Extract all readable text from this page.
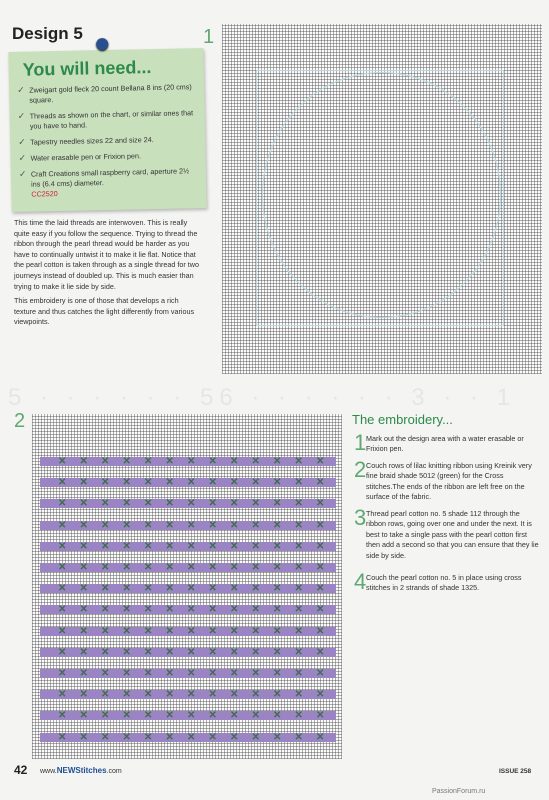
Design 5
You will need...
✓ Zweigart gold fleck 20 count Bellana 8 ins (20 cms) square.
✓ Threads as shown on the chart, or similar ones that you have to hand.
✓ Tapestry needles sizes 22 and size 24.
✓ Water erasable pen or Frixion pen.
✓ Craft Creations small raspberry card, aperture 2½ ins (6.4 cms) diameter.
CC2520

This time the laid threads are interwoven. This is really quite easy if you follow the sequence. Trying to thread the ribbon through the pearl thread would be harder as you have to continually untwist it to make it lie flat. Notice that the pearl cotton is taken through as a single thread for two journeys instead of doubled up. This is much easier than trying to make it lie side by side.

This embroidery is one of those that develops a rich texture and thus catches the light differently from various viewpoints.

1
5 · · · · · · 56 · · · · · · 3 · · 1
2
✕ ✕ ✕ ✕ ✕ ✕ ✕ ✕ ✕ ✕ ✕ ✕ ✕
✕ ✕ ✕ ✕ ✕ ✕ ✕ ✕ ✕ ✕ ✕ ✕ ✕
✕ ✕ ✕ ✕ ✕ ✕ ✕ ✕ ✕ ✕ ✕ ✕ ✕
✕ ✕ ✕ ✕ ✕ ✕ ✕ ✕ ✕ ✕ ✕ ✕ ✕
✕ ✕ ✕ ✕ ✕ ✕ ✕ ✕ ✕ ✕ ✕ ✕ ✕
✕ ✕ ✕ ✕ ✕ ✕ ✕ ✕ ✕ ✕ ✕ ✕ ✕
✕ ✕ ✕ ✕ ✕ ✕ ✕ ✕ ✕ ✕ ✕ ✕ ✕
✕ ✕ ✕ ✕ ✕ ✕ ✕ ✕ ✕ ✕ ✕ ✕ ✕
✕ ✕ ✕ ✕ ✕ ✕ ✕ ✕ ✕ ✕ ✕ ✕ ✕
✕ ✕ ✕ ✕ ✕ ✕ ✕ ✕ ✕ ✕ ✕ ✕ ✕
✕ ✕ ✕ ✕ ✕ ✕ ✕ ✕ ✕ ✕ ✕ ✕ ✕
✕ ✕ ✕ ✕ ✕ ✕ ✕ ✕ ✕ ✕ ✕ ✕ ✕
✕ ✕ ✕ ✕ ✕ ✕ ✕ ✕ ✕ ✕ ✕ ✕ ✕
✕ ✕ ✕ ✕ ✕ ✕ ✕ ✕ ✕ ✕ ✕ ✕ ✕
The embroidery...
1 Mark out the design area with a water erasable or Frixion pen.
2 Couch rows of lilac knitting ribbon using Kreinik very fine braid shade 5012 (green) for the Cross stitches.The ends of the ribbon are left free on the surface of the fabric.
3 Thread pearl cotton no. 5 shade 112 through the ribbon rows, going over one and under the next. It is best to take a single pass with the pearl cotton first then add a second so that you can ensure that they lie side by side.
4 Couch the pearl cotton no. 5 in place using cross stitches in 2 strands of shade 1325.
42 www.NEWStitches.com	ISSUE 258
PassionForum.ru
